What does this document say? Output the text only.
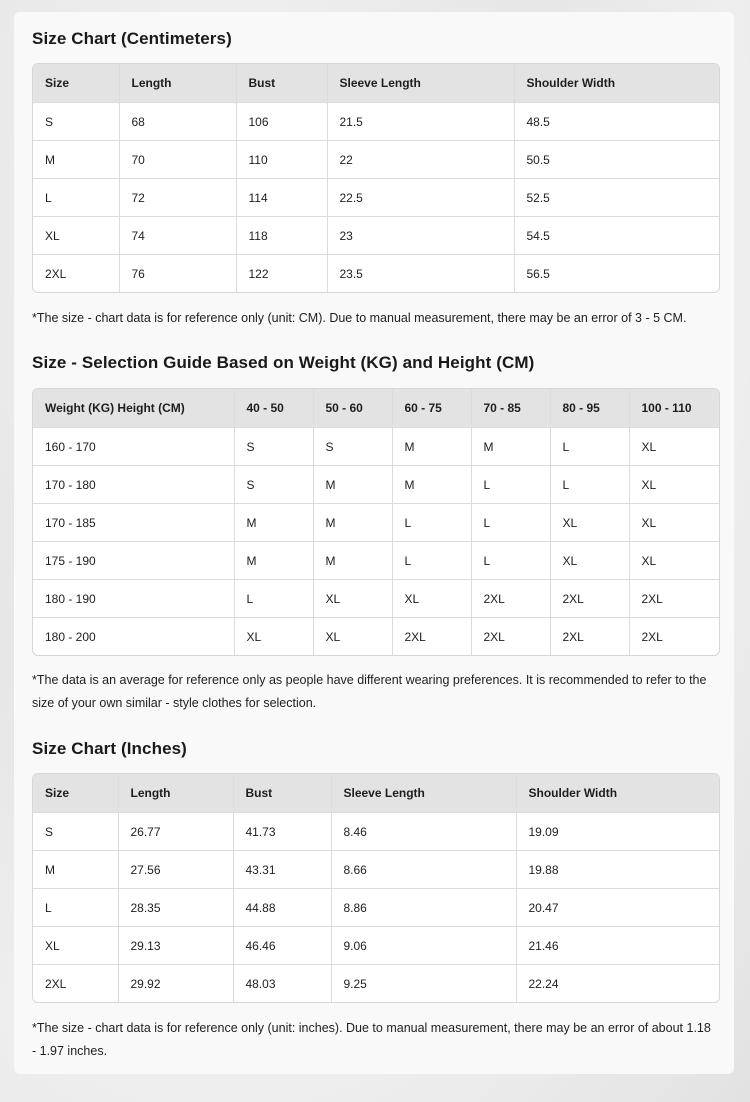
Size Chart (Centimeters)
Size	Length	Bust	Sleeve Length	Shoulder Width
S	68	106	21.5	48.5
M	70	110	22	50.5
L	72	114	22.5	52.5
XL	74	118	23	54.5
2XL	76	122	23.5	56.5

*The size - chart data is for reference only (unit: CM). Due to manual measurement, there may be an error of 3 - 5 CM.

Size - Selection Guide Based on Weight (KG) and Height (CM)
Weight (KG) Height (CM)	40 - 50	50 - 60	60 - 75	70 - 85	80 - 95	100 - 110
160 - 170	S	S	M	M	L	XL
170 - 180	S	M	M	L	L	XL
170 - 185	M	M	L	L	XL	XL
175 - 190	M	M	L	L	XL	XL
180 - 190	L	XL	XL	2XL	2XL	2XL
180 - 200	XL	XL	2XL	2XL	2XL	2XL

*The data is an average for reference only as people have different wearing preferences. It is recommended to refer to the size of your own similar - style clothes for selection.

Size Chart (Inches)
Size	Length	Bust	Sleeve Length	Shoulder Width
S	26.77	41.73	8.46	19.09
M	27.56	43.31	8.66	19.88
L	28.35	44.88	8.86	20.47
XL	29.13	46.46	9.06	21.46
2XL	29.92	48.03	9.25	22.24

*The size - chart data is for reference only (unit: inches). Due to manual measurement, there may be an error of about 1.18 - 1.97 inches.
